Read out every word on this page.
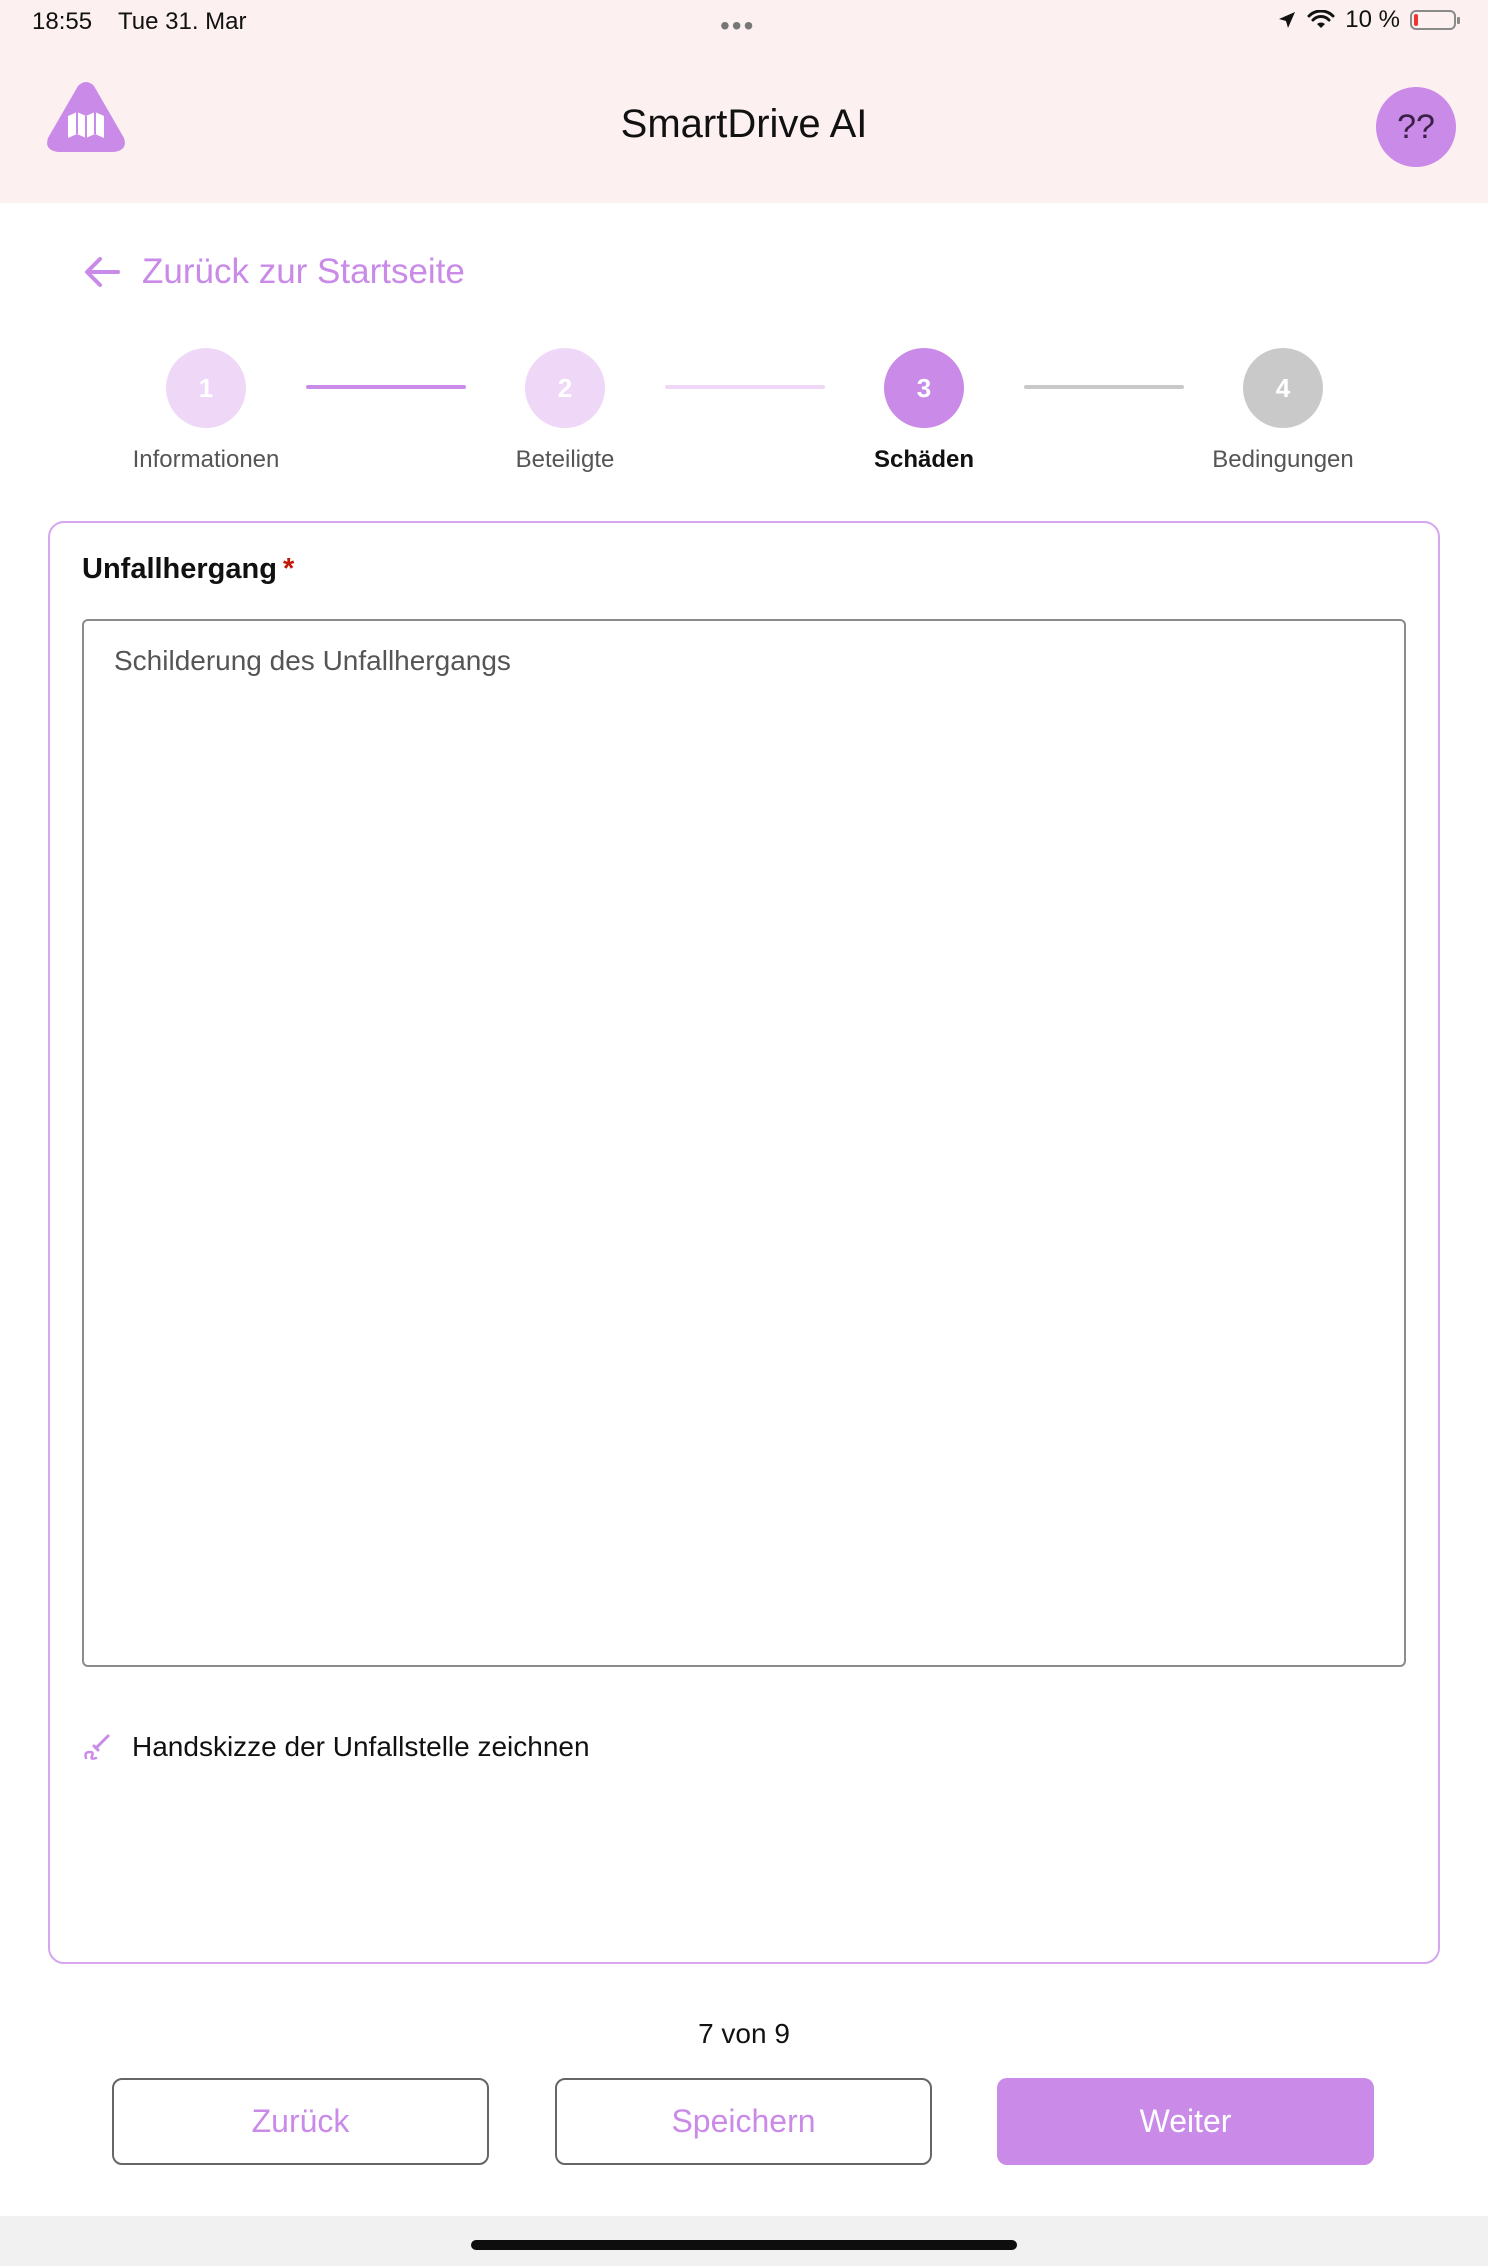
18:55 Tue 31. Mar	•••	10 %
SmartDrive AI	??
Zurück zur Startseite
1
Informationen
2
Beteiligte
3
Schäden
4
Bedingungen
Unfallhergang *
Schilderung des Unfallhergangs
Handskizze der Unfallstelle zeichnen
7 von 9
Zurück	Speichern	Weiter
